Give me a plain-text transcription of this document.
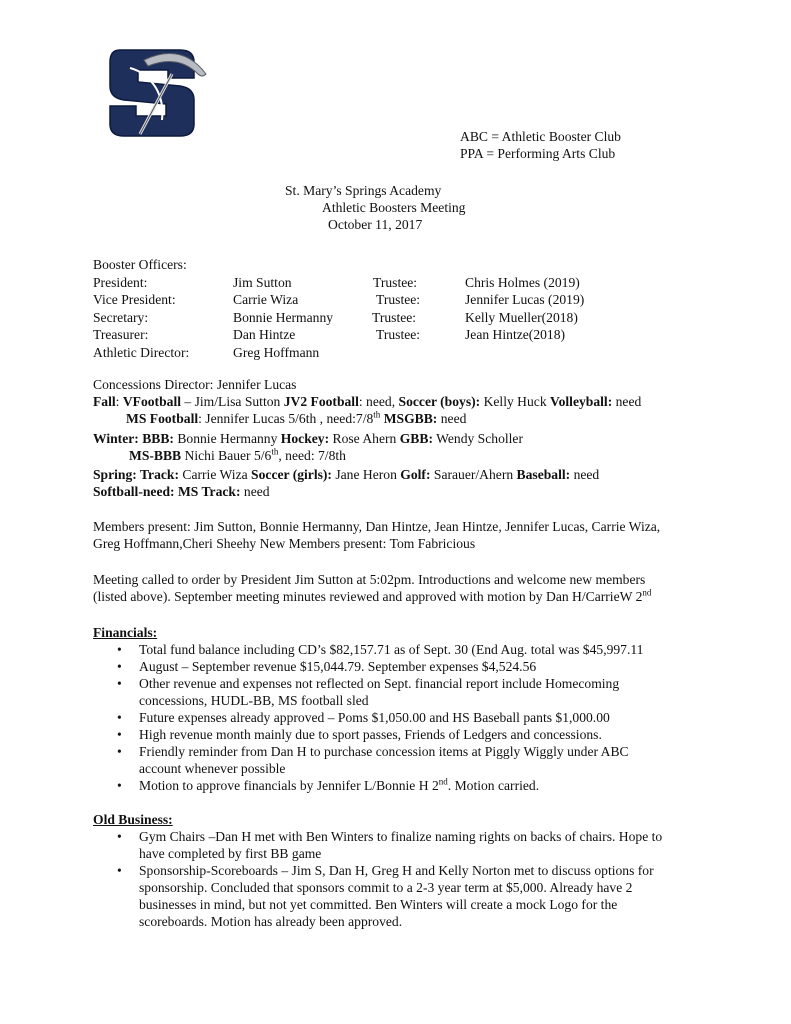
ABC = Athletic Booster Club
PPA = Performing Arts Club
St. Mary’s Springs Academy
Athletic Boosters Meeting
October 11, 2017
Booster Officers:
President:	Jim Sutton	Trustee:	Chris Holmes (2019)
Vice President:	Carrie Wiza	Trustee:	Jennifer Lucas (2019)
Secretary:	Bonnie Hermanny	Trustee:	Kelly Mueller(2018)
Treasurer:	Dan Hintze	Trustee:	Jean Hintze(2018)
Athletic Director:	Greg Hoffmann
Concessions Director: Jennifer Lucas
Fall: VFootball – Jim/Lisa Sutton JV2 Football: need, Soccer (boys): Kelly Huck Volleyball: need
MS Football: Jennifer Lucas 5/6th , need:7/8th MSGBB: need
Winter: BBB: Bonnie Hermanny Hockey: Rose Ahern GBB: Wendy Scholler
MS-BBB Nichi Bauer 5/6th, need: 7/8th
Spring: Track: Carrie Wiza Soccer (girls): Jane Heron Golf: Sarauer/Ahern Baseball: need
Softball-need: MS Track: need
Members present: Jim Sutton, Bonnie Hermanny, Dan Hintze, Jean Hintze, Jennifer Lucas, Carrie Wiza,
Greg Hoffmann,Cheri Sheehy New Members present: Tom Fabricious
Meeting called to order by President Jim Sutton at 5:02pm. Introductions and welcome new members
(listed above). September meeting minutes reviewed and approved with motion by Dan H/CarrieW 2nd
Financials:
• Total fund balance including CD’s $82,157.71 as of Sept. 30 (End Aug. total was $45,997.11
• August – September revenue $15,044.79. September expenses $4,524.56
• Other revenue and expenses not reflected on Sept. financial report include Homecoming
concessions, HUDL-BB, MS football sled
• Future expenses already approved – Poms $1,050.00 and HS Baseball pants $1,000.00
• High revenue month mainly due to sport passes, Friends of Ledgers and concessions.
• Friendly reminder from Dan H to purchase concession items at Piggly Wiggly under ABC
account whenever possible
• Motion to approve financials by Jennifer L/Bonnie H 2nd. Motion carried.
Old Business:
• Gym Chairs –Dan H met with Ben Winters to finalize naming rights on backs of chairs. Hope to
have completed by first BB game
• Sponsorship-Scoreboards – Jim S, Dan H, Greg H and Kelly Norton met to discuss options for
sponsorship. Concluded that sponsors commit to a 2-3 year term at $5,000. Already have 2
businesses in mind, but not yet committed. Ben Winters will create a mock Logo for the
scoreboards. Motion has already been approved.
